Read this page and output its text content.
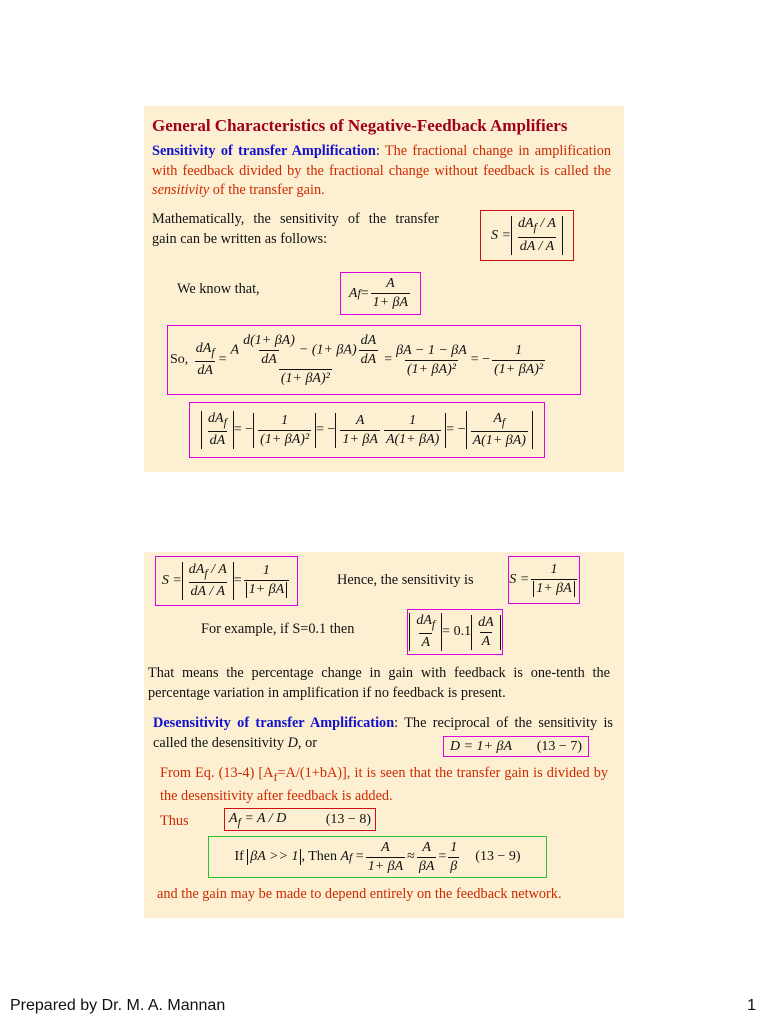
General Characteristics of Negative-Feedback Amplifiers
Sensitivity of transfer Amplification: The fractional change in amplification with feedback divided by the fractional change without feedback is called the sensitivity of the transfer gain.
Mathematically, the sensitivity of the transfer gain can be written as follows:	$S = \frac{dA_f / A}{dA / A}$
We know that,	A $f = \frac{A}{1+ \beta A}$
So,
$\frac{dA_f}{dA} = \frac{A \frac{d(1+ \beta A)}{dA} - (1+ \beta A) \frac{dA}{dA}}{\text{(1+ βA)²}} = \frac{\beta A - 1 - \beta A}{\text{(1+ βA)²}}$ = − $\frac{1}{\text{(1+ βA)²}}$
$\frac{dA_f}{dA}$ = − $\frac{1}{\text{(1+ βA)²}}$ = − $\frac{A}{1+ \beta A} \frac{1}{A(1+ \beta A)}$ = − $\frac{A_f}{A(1+ \beta A)}$
$S = \frac{dA_f / A}{dA / A} = \frac{1}{1+ \beta A}$	Hence, the sensitivity is	$S = \frac{1}{1+ \beta A}$
For example, if S=0.1 then	$\frac{dA_f}{A} = 0.1 \frac{dA}{A}$
That means the percentage change in gain with feedback is one-tenth the percentage variation in amplification if no feedback is present.
Desensitivity of transfer Amplification: The reciprocal of the sensitivity is called the desensitivity D, or	D = 1+ βA (13 − 7)
From Eq. (13-4) $[A_f=A/(1+bA)]$, it is seen that the transfer gain is divided by the desensitivity after feedback is added.
Thus	$A_f = A / D$	(13 − 8)
If
βA >> 1 , Then
A $f = \frac{A}{1+ \beta A} \approx \frac{A}{\beta A} = \frac{1}{\beta}$
(13 − 9)
and the gain may be made to depend entirely on the feedback network.
Prepared by Dr. M. A. Mannan	1
